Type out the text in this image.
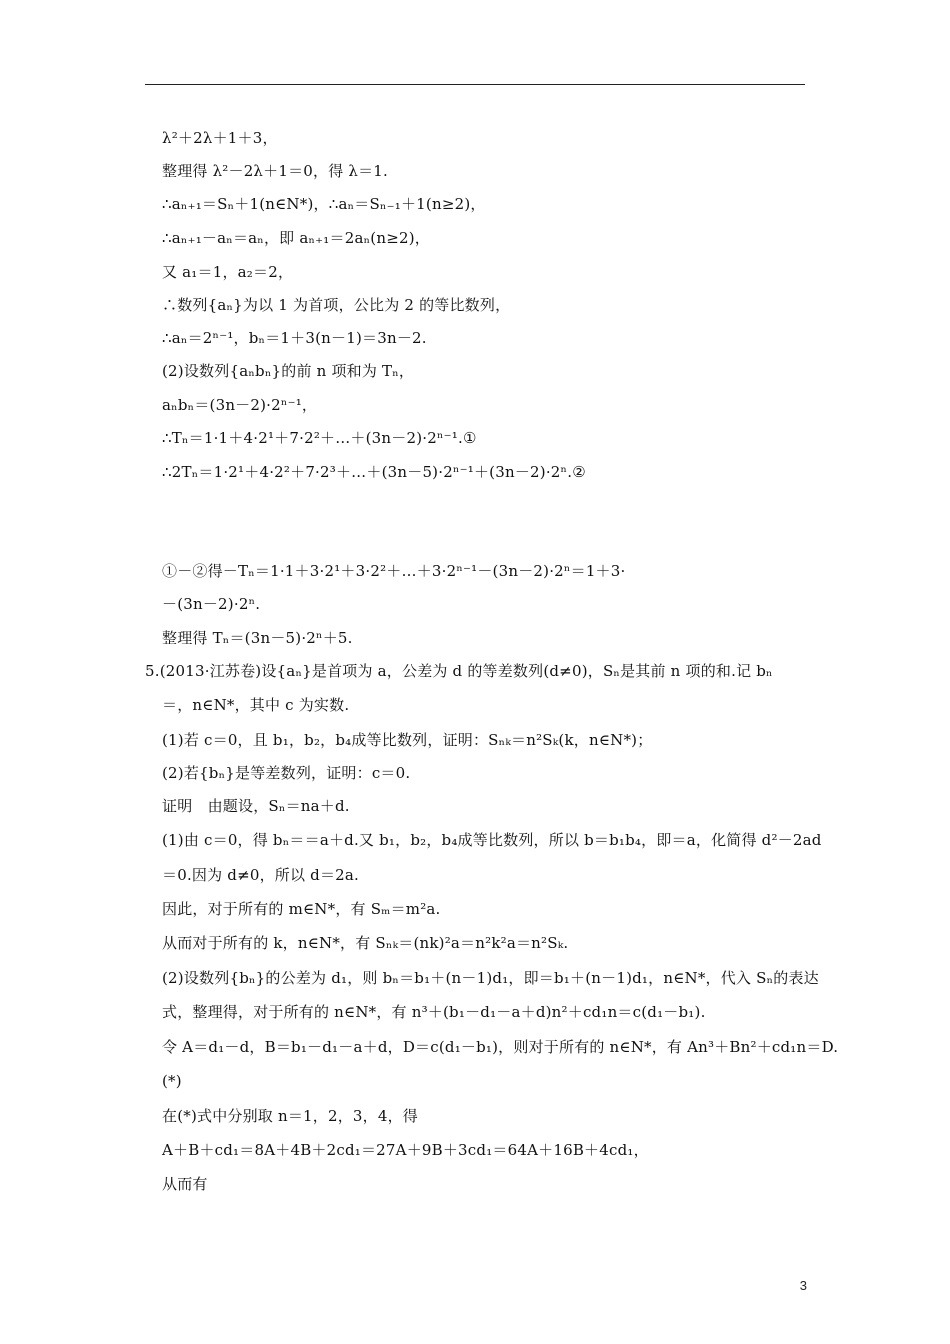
λ²＋2λ＋1＋3，
整理得 λ²－2λ＋1＝0，得 λ＝1.
∴aₙ₊₁＝Sₙ＋1(n∈N*)，∴aₙ＝Sₙ₋₁＋1(n≥2)，
∴aₙ₊₁－aₙ＝aₙ，即 aₙ₊₁＝2aₙ(n≥2)，
又 a₁＝1，a₂＝2，
∴数列{aₙ}为以 1 为首项，公比为 2 的等比数列，
∴aₙ＝2ⁿ⁻¹，bₙ＝1＋3(n－1)＝3n－2.
(2)设数列{aₙbₙ}的前 n 项和为 Tₙ，
aₙbₙ＝(3n－2)·2ⁿ⁻¹，
∴Tₙ＝1·1＋4·2¹＋7·2²＋…＋(3n－2)·2ⁿ⁻¹.①
∴2Tₙ＝1·2¹＋4·2²＋7·2³＋…＋(3n－5)·2ⁿ⁻¹＋(3n－2)·2ⁿ.②
①－②得－Tₙ＝1·1＋3·2¹＋3·2²＋…＋3·2ⁿ⁻¹－(3n－2)·2ⁿ＝1＋3·
－(3n－2)·2ⁿ.
整理得 Tₙ＝(3n－5)·2ⁿ＋5.
5.(2013·江苏卷)设{aₙ}是首项为 a，公差为 d 的等差数列(d≠0)，Sₙ是其前 n 项的和.记 bₙ
＝，n∈N*，其中 c 为实数.
(1)若 c＝0，且 b₁，b₂，b₄成等比数列，证明：Sₙₖ＝n²Sₖ(k，n∈N*)；
(2)若{bₙ}是等差数列，证明：c＝0.
证明　由题设，Sₙ＝na＋d.
(1)由 c＝0，得 bₙ＝＝a＋d.又 b₁，b₂，b₄成等比数列，所以 b＝b₁b₄，即＝a，化简得 d²－2ad
＝0.因为 d≠0，所以 d＝2a.
因此，对于所有的 m∈N*，有 Sₘ＝m²a.
从而对于所有的 k，n∈N*，有 Sₙₖ＝(nk)²a＝n²k²a＝n²Sₖ.
(2)设数列{bₙ}的公差为 d₁，则 bₙ＝b₁＋(n－1)d₁，即＝b₁＋(n－1)d₁，n∈N*，代入 Sₙ的表达
式，整理得，对于所有的 n∈N*，有 n³＋(b₁－d₁－a＋d)n²＋cd₁n＝c(d₁－b₁).
令 A＝d₁－d，B＝b₁－d₁－a＋d，D＝c(d₁－b₁)，则对于所有的 n∈N*，有 An³＋Bn²＋cd₁n＝D.
(*)
在(*)式中分别取 n＝1，2，3，4，得
A＋B＋cd₁＝8A＋4B＋2cd₁＝27A＋9B＋3cd₁＝64A＋16B＋4cd₁，
从而有
3
